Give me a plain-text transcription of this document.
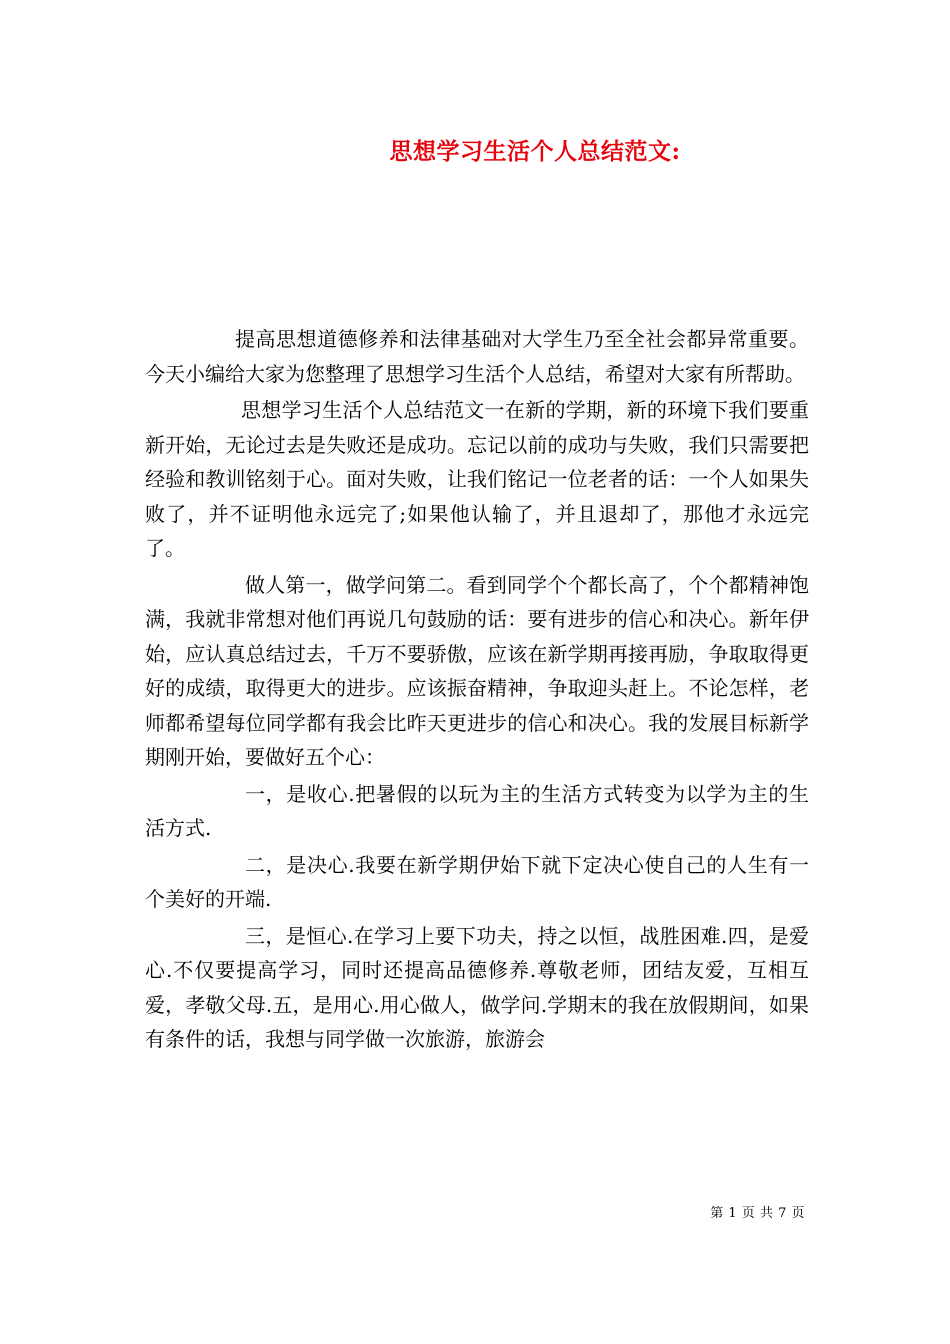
思想学习生活个人总结范文:

提高思想道德修养和法律基础对大学生乃至全社会都异常重要。今天小编给大家为您整理了思想学习生活个人总结，希望对大家有所帮助。

思想学习生活个人总结范文一在新的学期，新的环境下我们要重新开始，无论过去是失败还是成功。忘记以前的成功与失败，我们只需要把经验和教训铭刻于心。面对失败，让我们铭记一位老者的话：一个人如果失败了，并不证明他永远完了;如果他认输了，并且退却了，那他才永远完了。

做人第一，做学问第二。看到同学个个都长高了，个个都精神饱满，我就非常想对他们再说几句鼓励的话：要有进步的信心和决心。新年伊始，应认真总结过去，千万不要骄傲，应该在新学期再接再励，争取取得更好的成绩，取得更大的进步。应该振奋精神，争取迎头赶上。不论怎样，老师都希望每位同学都有我会比昨天更进步的信心和决心。我的发展目标新学期刚开始，要做好五个心：

一，是收心.把暑假的以玩为主的生活方式转变为以学为主的生活方式.

二，是决心.我要在新学期伊始下就下定决心使自己的人生有一个美好的开端.

三，是恒心.在学习上要下功夫，持之以恒，战胜困难.四，是爱心.不仅要提高学习，同时还提高品德修养.尊敬老师，团结友爱，互相互爱，孝敬父母.五，是用心.用心做人，做学问.学期末的我在放假期间，如果有条件的话，我想与同学做一次旅游，旅游会

第 1 页 共 7 页
